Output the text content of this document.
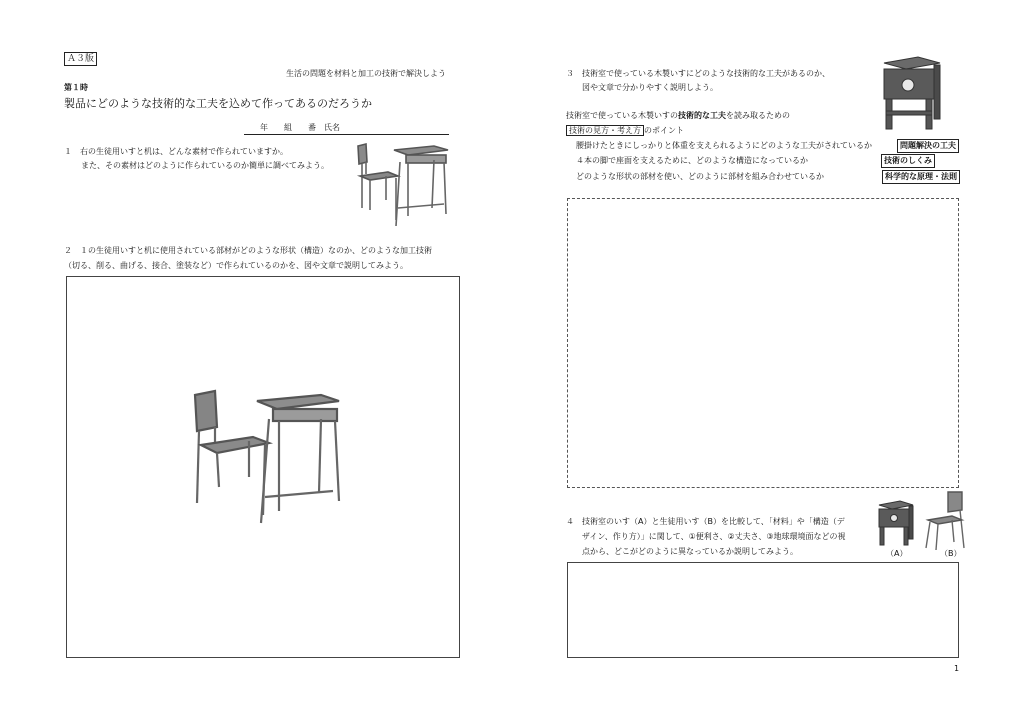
Ａ３版
生活の問題を材料と加工の技術で解決しよう
第１時
製品にどのような技術的な工夫を込めて作ってあるのだろうか
年　　組　　番　氏名
１　右の生徒用いすと机は、どんな素材で作られていますか。
また、その素材はどのように作られているのか簡単に調べてみよう。
２　１の生徒用いすと机に使用されている部材がどのような形状（構造）なのか、どのような加工技術
（切る、削る、曲げる、接合、塗装など）で作られているのかを、図や文章で説明してみよう。
３　技術室で使っている木製いすにどのような技術的な工夫があるのか、
図や文章で分かりやすく説明しよう。
技術室で使っている木製いすの技術的な工夫を読み取るための
技術の見方・考え方 のポイント
腰掛けたときにしっかりと体重を支えられるようにどのような工夫がされているか	問題解決の工夫
４本の脚で座面を支えるために、どのような構造になっているか	技術のしくみ
どのような形状の部材を使い、どのように部材を組み合わせているか	科学的な原理・法則
４　技術室のいす（A）と生徒用いす（B）を比較して、「材料」や「構造（デ
ザイン、作り方）」に関して、①便利さ、②丈夫さ、③地球環境面などの視
点から、どこがどのように異なっているか説明してみよう。	（A）	（B）
1
